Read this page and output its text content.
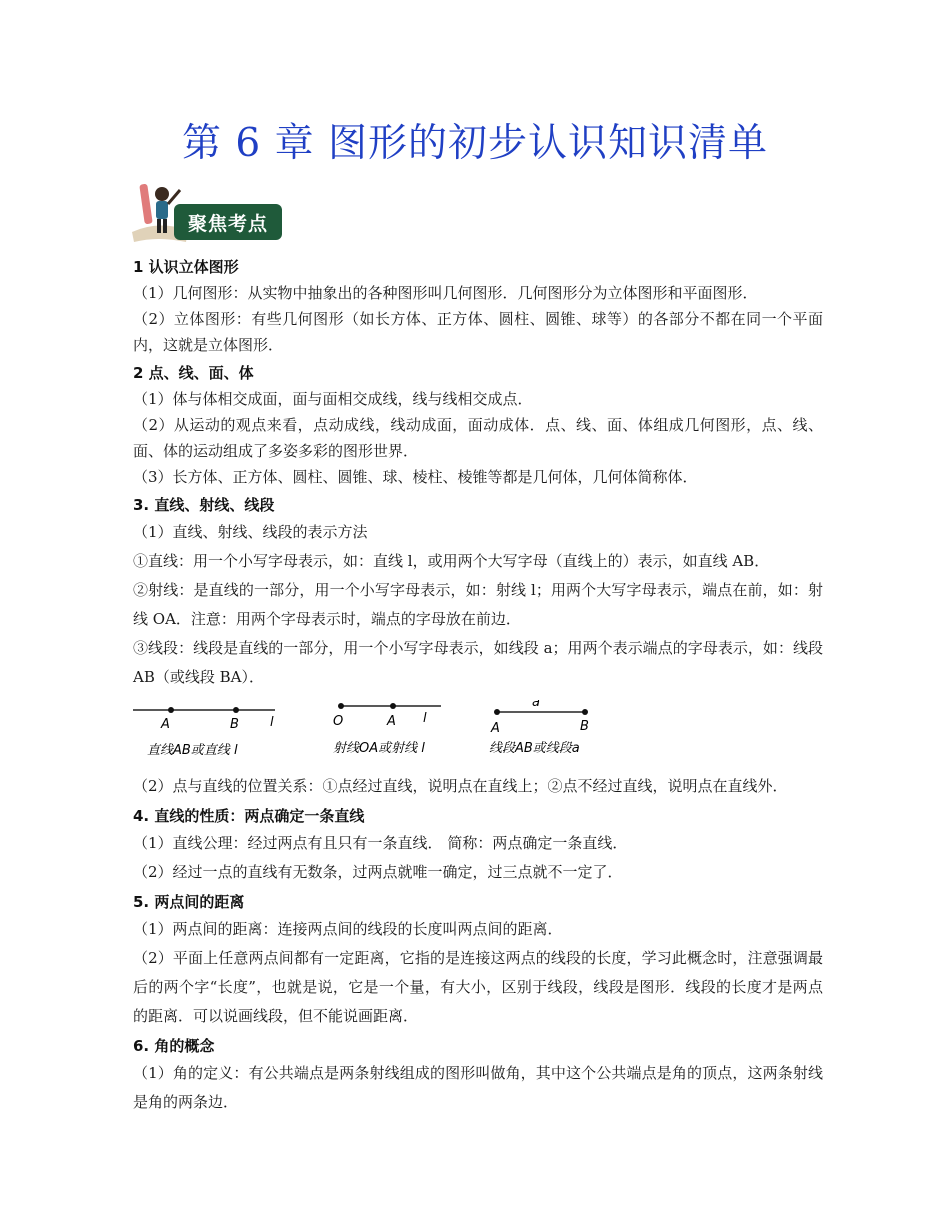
第 6 章 图形的初步认识知识清单
聚焦考点
1 认识立体图形

（1）几何图形：从实物中抽象出的各种图形叫几何图形．几何图形分为立体图形和平面图形．

（2）立体图形：有些几何图形（如长方体、正方体、圆柱、圆锥、球等）的各部分不都在同一个平面内，这就是立体图形．

2 点、线、面、体

（1）体与体相交成面，面与面相交成线，线与线相交成点．

（2）从运动的观点来看，点动成线，线动成面，面动成体．点、线、面、体组成几何图形，点、线、面、体的运动组成了多姿多彩的图形世界．

（3）长方体、正方体、圆柱、圆锥、球、棱柱、棱锥等都是几何体，几何体简称体．

3. 直线、射线、线段

（1）直线、射线、线段的表示方法

①直线：用一个小写字母表示，如：直线 l，或用两个大写字母（直线上的）表示，如直线 AB．

②射线：是直线的一部分，用一个小写字母表示，如：射线 l；用两个大写字母表示，端点在前，如：射线 OA．注意：用两个字母表示时，端点的字母放在前边．

③线段：线段是直线的一部分，用一个小写字母表示，如线段 a；用两个表示端点的字母表示，如：线段 AB（或线段 BA）．

A	B l
直线AB或直线 l
O	A l
射线OA或射线 l
a
A	B
线段AB或线段a

（2）点与直线的位置关系：①点经过直线，说明点在直线上；②点不经过直线，说明点在直线外．

4. 直线的性质：两点确定一条直线

（1）直线公理：经过两点有且只有一条直线． 简称：两点确定一条直线．

（2）经过一点的直线有无数条，过两点就唯一确定，过三点就不一定了．

5. 两点间的距离

（1）两点间的距离：连接两点间的线段的长度叫两点间的距离．

（2）平面上任意两点间都有一定距离，它指的是连接这两点的线段的长度，学习此概念时，注意强调最后的两个字“长度”，也就是说，它是一个量，有大小，区别于线段，线段是图形．线段的长度才是两点的距离．可以说画线段，但不能说画距离．

6. 角的概念

（1）角的定义：有公共端点是两条射线组成的图形叫做角，其中这个公共端点是角的顶点，这两条射线是角的两条边．
